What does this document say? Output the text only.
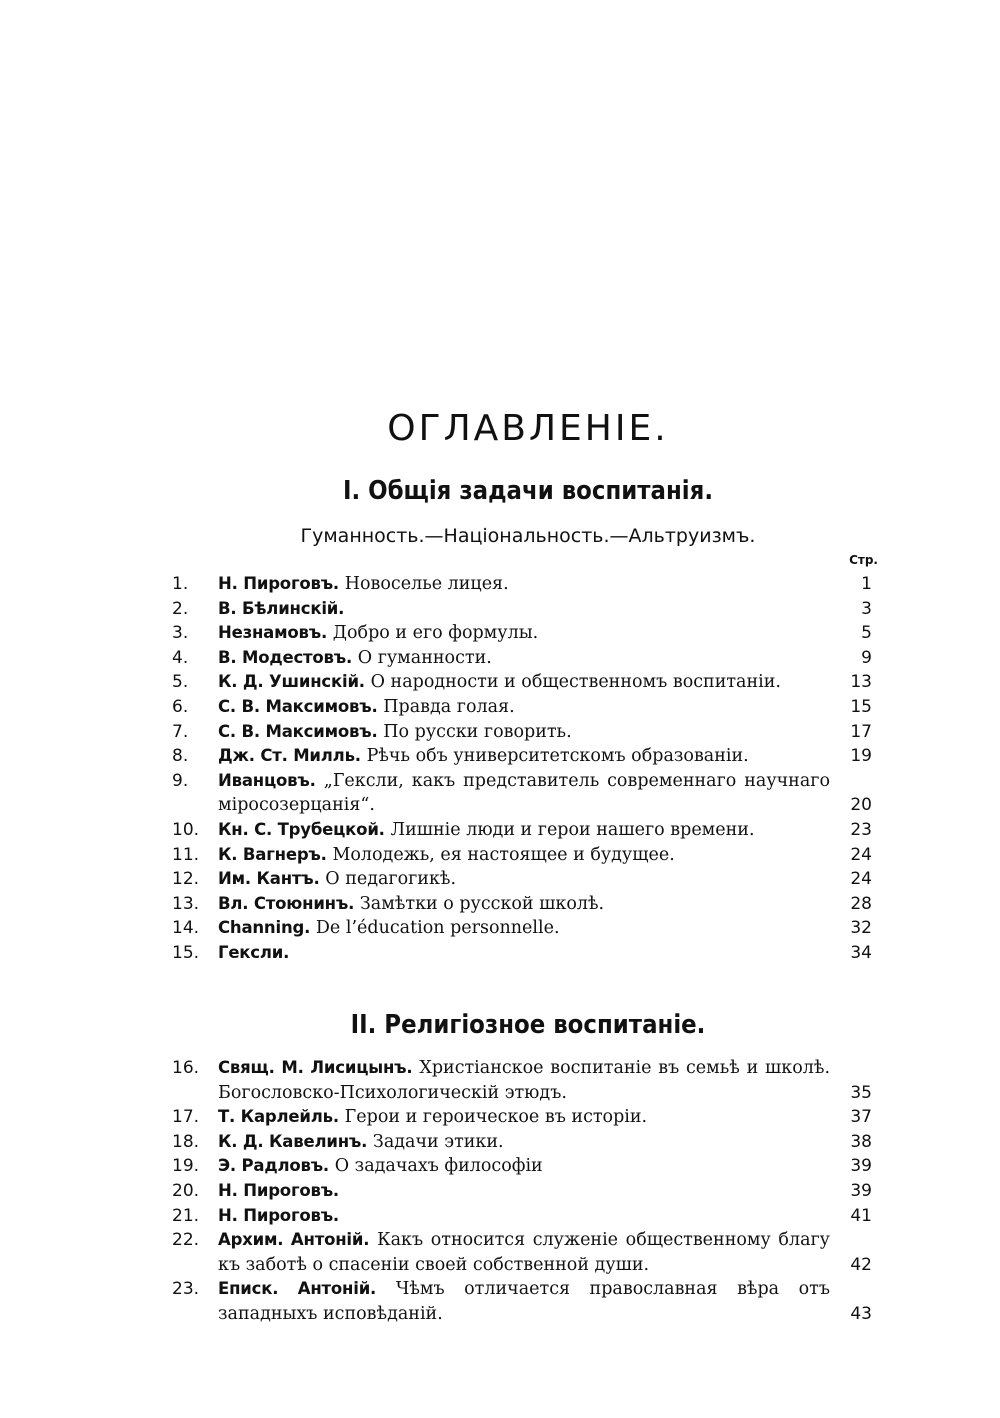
ОГЛАВЛЕНІЕ.
I. Общія задачи воспитанія.

Гуманность.—Національность.—Альтруизмъ.

Стр.
1.	Н. Пироговъ. Новоселье лицея.	1
2.	В. Бѣлинскій.	3
3.	Незнамовъ. Добро и его формулы.	5
4.	В. Модестовъ. О гуманности.	9
5.	К. Д. Ушинскій. О народности и общественномъ воспитаніи.	13
6.	С. В. Максимовъ. Правда голая.	15
7.	С. В. Максимовъ. По русски говорить.	17
8.	Дж. Ст. Милль. Рѣчь объ университетскомъ образованіи.	19
9.	Иванцовъ. „Гексли, какъ представитель современнаго научнаго міросозерцанія“.	20
10.	Кн. С. Трубецкой. Лишніе люди и герои нашего времени.	23
11.	К. Вагнеръ. Молодежь, ея настоящее и будущее.	24
12.	Им. Кантъ. О педагогикѣ.	24
13.	Вл. Стоюнинъ. Замѣтки о русской школѣ.	28
14.	Channing. De l’éducation personnelle.	32
15.	Гексли.	34
II. Религіозное воспитаніе.
16.	Свящ. М. Лисицынъ. Христіанское воспитаніе въ семьѣ и школѣ. Богословско-Психологическій этюдъ.	35
17.	Т. Карлейль. Герои и героическое въ исторіи.	37
18.	К. Д. Кавелинъ. Задачи этики.	38
19.	Э. Радловъ. О задачахъ философіи	39
20.	Н. Пироговъ.	39
21.	Н. Пироговъ.	41
22.	Архим. Антоній. Какъ относится служеніе общественному благу къ заботѣ о спасеніи своей собственной души.	42
23.	Еписк. Антоній. Чѣмъ отличается православная вѣра отъ западныхъ исповѣданій.	43
